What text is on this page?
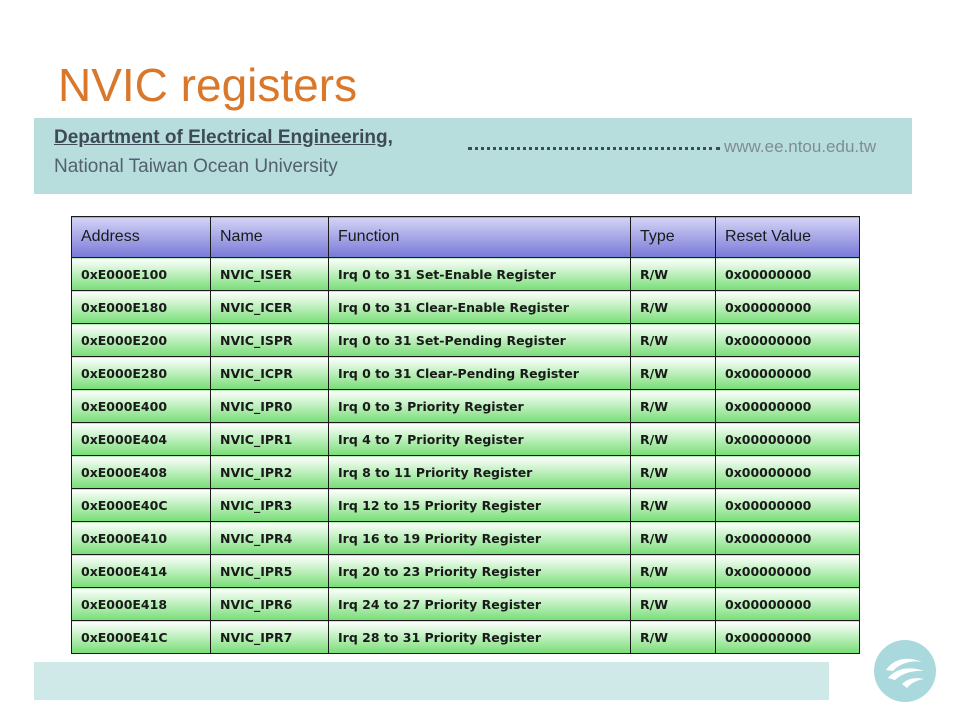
NVIC registers
Department of Electrical Engineering,
National Taiwan Ocean University
www.ee.ntou.edu.tw
Address	Name	Function	Type	Reset Value
0xE000E100	NVIC_ISER	Irq 0 to 31 Set-Enable Register	R/W	0x00000000
0xE000E180	NVIC_ICER	Irq 0 to 31 Clear-Enable Register	R/W	0x00000000
0xE000E200	NVIC_ISPR	Irq 0 to 31 Set-Pending Register	R/W	0x00000000
0xE000E280	NVIC_ICPR	Irq 0 to 31 Clear-Pending Register	R/W	0x00000000
0xE000E400	NVIC_IPR0	Irq 0 to 3 Priority Register	R/W	0x00000000
0xE000E404	NVIC_IPR1	Irq 4 to 7 Priority Register	R/W	0x00000000
0xE000E408	NVIC_IPR2	Irq 8 to 11 Priority Register	R/W	0x00000000
0xE000E40C	NVIC_IPR3	Irq 12 to 15 Priority Register	R/W	0x00000000
0xE000E410	NVIC_IPR4	Irq 16 to 19 Priority Register	R/W	0x00000000
0xE000E414	NVIC_IPR5	Irq 20 to 23 Priority Register	R/W	0x00000000
0xE000E418	NVIC_IPR6	Irq 24 to 27 Priority Register	R/W	0x00000000
0xE000E41C	NVIC_IPR7	Irq 28 to 31 Priority Register	R/W	0x00000000
